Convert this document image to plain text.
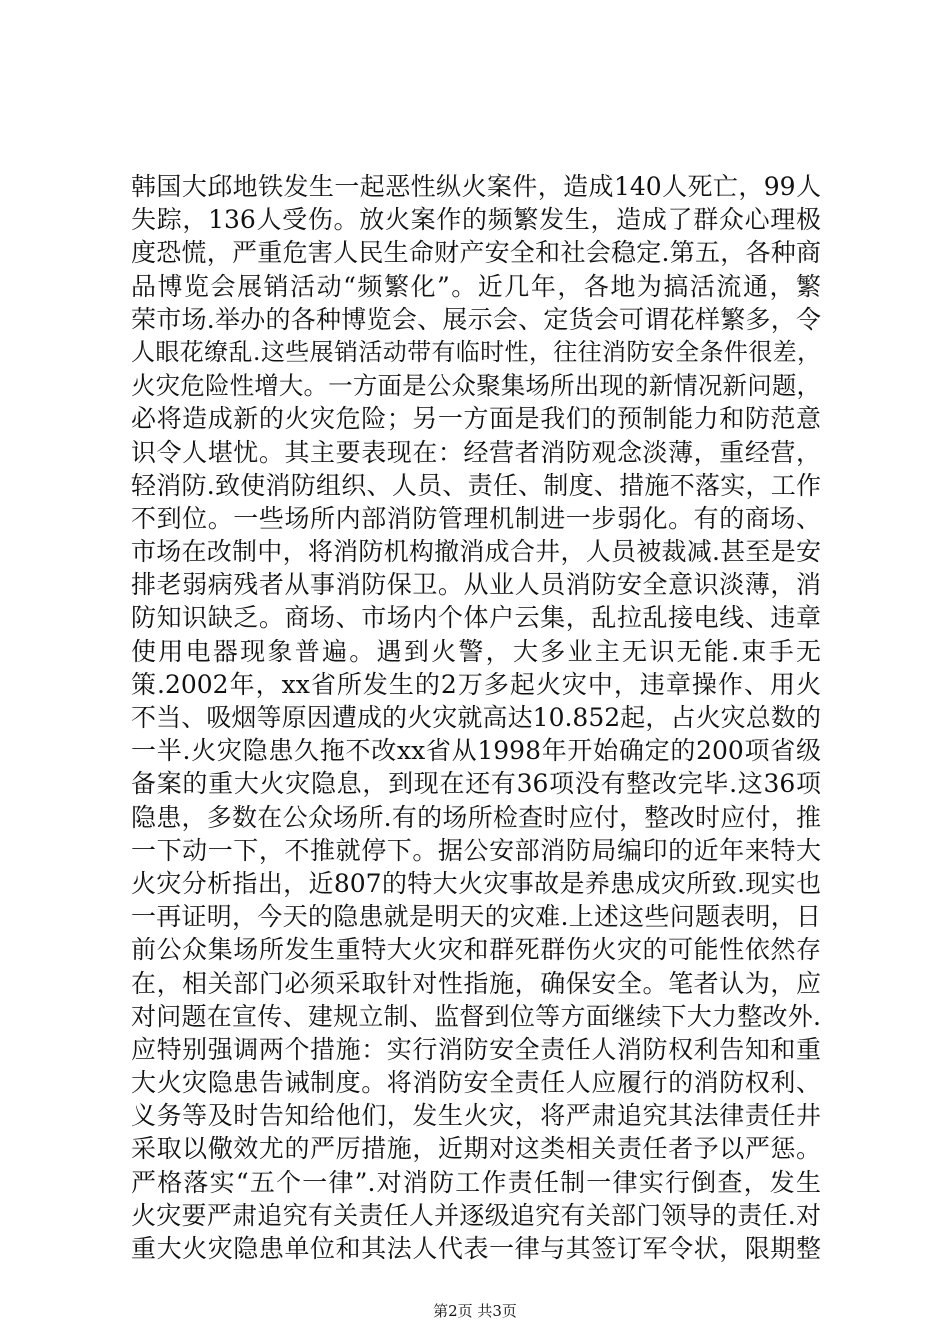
韩国大邱地铁发生一起恶性纵火案件，造成140人死亡，99人
失踪，136人受伤。放火案作的频繁发生，造成了群众心理极
度恐慌，严重危害人民生命财产安全和社会稳定.第五，各种商
品博览会展销活动“频繁化”。近几年，各地为搞活流通，繁
荣市场.举办的各种博览会、展示会、定货会可谓花样繁多，令
人眼花缭乱.这些展销活动带有临时性，往往消防安全条件很差，
火灾危险性增大。一方面是公众聚集场所出现的新情况新问题，
必将造成新的火灾危险；另一方面是我们的预制能力和防范意
识令人堪忧。其主要表现在：经营者消防观念淡薄，重经营，
轻消防.致使消防组织、人员、责任、制度、措施不落实，工作
不到位。一些场所内部消防管理机制进一步弱化。有的商场、
市场在改制中，将消防机构撤消成合井，人员被裁减.甚至是安
排老弱病残者从事消防保卫。从业人员消防安全意识淡薄，消
防知识缺乏。商场、市场内个体户云集，乱拉乱接电线、违章
使用电器现象普遍。遇到火警，大多业主无识无能.束手无
策.2002年，xx省所发生的2万多起火灾中，违章操作、用火
不当、吸烟等原因遭成的火灾就高达10.852起，占火灾总数的
一半.火灾隐患久拖不改xx省从1998年开始确定的200项省级
备案的重大火灾隐息，到现在还有36项没有整改完毕.这36项
隐患，多数在公众场所.有的场所检查时应付，整改时应付，推
一下动一下，不推就停下。据公安部消防局编印的近年来特大
火灾分析指出，近807的特大火灾事故是养患成灾所致.现实也
一再证明，今天的隐患就是明天的灾难.上述这些问题表明，日
前公众集场所发生重特大火灾和群死群伤火灾的可能性依然存
在，相关部门必须采取针对性指施，确保安全。笔者认为，应
对问题在宣传、建规立制、监督到位等方面继续下大力整改外.
应特别强调两个措施：实行消防安全责任人消防权利告知和重
大火灾隐患告诫制度。将消防安全责任人应履行的消防权利、
义务等及时告知给他们，发生火灾，将严肃追究其法律责任井
采取以儆效尤的严厉措施，近期对这类相关责任者予以严惩。
严格落实“五个一律”.对消防工作责任制一律实行倒查，发生
火灾要严肃追究有关责任人并逐级追究有关部门领导的责任.对
重大火灾隐患单位和其法人代表一律与其签订军令状，限期整
第2页 共3页
